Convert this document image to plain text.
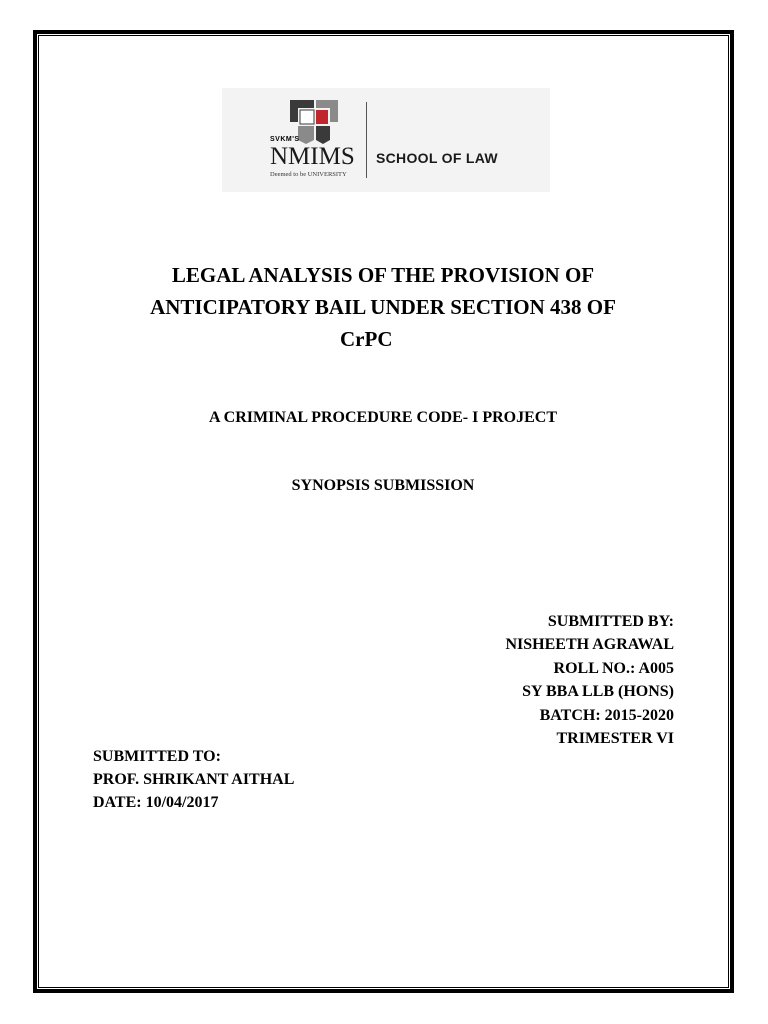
SVKM'S
NMIMS
Deemed to be UNIVERSITY
SCHOOL OF LAW
LEGAL ANALYSIS OF THE PROVISION OF
ANTICIPATORY BAIL UNDER SECTION 438 OF
CrPC
A CRIMINAL PROCEDURE CODE- I PROJECT
SYNOPSIS SUBMISSION
SUBMITTED BY:
NISHEETH AGRAWAL
ROLL NO.: A005
SY BBA LLB (HONS)
BATCH: 2015-2020
TRIMESTER VI
SUBMITTED TO:
PROF. SHRIKANT AITHAL
DATE: 10/04/2017
